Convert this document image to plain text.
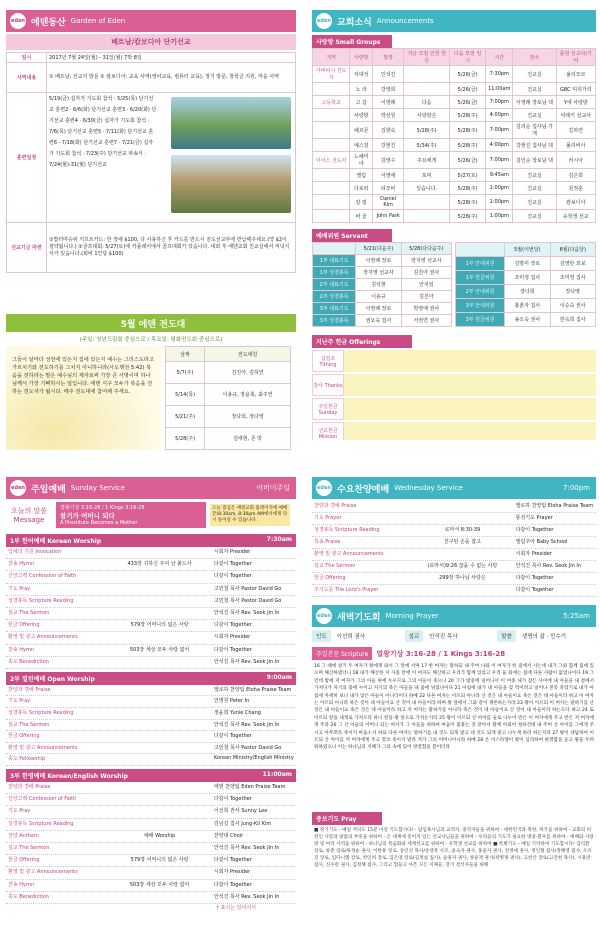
eden 에덴동산 Garden of Eden
베트남/캄보디아 단기선교
일시	2017년 7월 24일(월) - 31일(월) 7박 8일
사역내용	① 베트남: 선교지 방문 ② 캄보디아: 교육 사역(영어교육, 컴퓨터 교육), 정기 방문, 창학금 지원, 마을 사역
훈련일정	5/19(금) 십자가 기도회 참석 · 5/25(목) 단기선교 훈련2 · 6/6(화) 단기선교 훈련3 · 6/20(화) 단기선교 훈련4 · 6/30(금) 십자가 기도회 참석 · 7/6(목) 단기선교 훈련5 · 7/11(화) 단기선교 훈련6 · 7/18(화) 단기선교 훈련7 · 7/21(금) 십자가 기도회 참석 · 7/23(주) 단기선교 파송식 · 7/24(월)-31(월) 단기선교

선교기금 마련	①밥터마슈위 키프트카드: 한 장에 $100, 다 사용하신 후 카드를 반드시 전도선교부에 반납해주세요.(약 $2이 절약됩니다.) ②골프대회: 5/27(토)에 카플레이에서 골프대회가 있습니다. 대회 후 에덴교회 친교실에서 저녁식사가 있습니다.(회비 1인당 $100)
5월 에덴 전도대
(주일: 청년드림회 중심으로 / 목요일: 평화전도회 중심으로)
그들이 날마다 성전에 있든지 집에 있든지 예수는 그리스도라고 가르치기와 전도하기를 그치지 아니하니라(사도행전 5:42) 복음을 전하라는 말은 예수님의 제자로써 가장 큰 사명이며 하나님께서 가장 기뻐하시는 일입니다. 에덴 식구 모두가 복음을 전하는 전도자가 됩시다. 매주 전도대에 참여해 주세요.
날짜	전도대원
5/7(주)	김진아, 김하연
5/14(목)	이용규, 장윤희, 최주연
5/21(주)	장다희, 장다영
5/28(주)	김태현, 존 박
eden 교회소식 Announcements
사랑방 Small Groups
지역	사랑방	방장	지난 모임 인원 헌금	다음 모임 일시	시간	장소	출원 선교사/기여
아비비시 전도자	리대성	인석진		5/26(금)	7:30pm	진교실	올리모르
	노 라	강영희		5/26(금)	11:00am	진교실	GBC 미리가리
고등학교	고 갑	이영례	다음	5/26(금)	7:00pm	이영래 장로님 댁	Y에 사랑방
	사랑방	박상원	사랑방은	5/28(주)	4:00pm	진교실	미래키 선교사
	헤르몬	김향숙	5/28(주)	5/28(주)	7:00pm	김의순 집사님 가게	길하연
	예스검	강현진	5/34(주)	5/28(주)	4:00pm	강현진 집사님 댁	폴리비아
이어스 전도사	느헤미야	김영수	주요에게	5/26(금)	7:00pm	김인순 장로님 댁	러시아
	엘림	이영애	포비	5/27(토)	9:45am	진교실	김은희
	다로락	티모비	있습니다.	5/28(주)	1:00pm	진교실	원정훈
	갈 릴	Daniel Kim		5/28(주)	1:00pm	진교실	캄보디아
	바 울	John Park		5/28(주)	1:00pm	진교실	유학생 선교
예배위원 Servant
	5/21(다음주)	5/28(다다음주)
1부 대표기도	이영례 장로	장지영 선교사
1부 성경봉독	장지영 선교사	김진아 권사
2부 대표기도	김석현	안치임
2부 성경봉독	이용규	김진아
3부 대표기도	이영례 장로	박영예 권사
3부 성경봉독	권오숙 집사	서권연 권사
	5월(이번달)	6월(다음달)
1부 안내위원	김방미 장로	김영란 외보
1부 헌금위원	조미정 집사	조미정 집사
2부 안내위원	장다희	장다영
3부 안내위원	홍춘자 집사	이승숙 권사
3부 헌금위원	송오숙 권사	한옥희 집사
지난주 헌금 Offerings
십일조 Tithing
감사 Thanks
주일헌금 Sunday
선교헌금 Mission
eden 주일예배 Sunday Service	어버이주일
오늘의 말씀 Message
열왕기상 3:16-28 / 1 Kings 3:16-28
참기가 어머니 되다
A Prostitute Becomes a Mother
오늘 점심은 에덴교회 홈레이지에 예배 끝(8:30am, 8:30pm AM에서에게 다시 돌이실 수 있습니다.
1부 한어예배 Korean Worship	7:30am
입례의 기원 Invocation	시회자 Presider
찬송 Hymn	433장 귀하신 주여 날 붙드사	다같이 Together
신앙고백 Confession of Faith	다같이 Together
기도 Pray	고민철 목사 Pastor David Go
성경봉독 Scripture Reading	고민철 목사 Pastor David Go
설교 The Sermon	안석진 목사 Rev. Seok Jin In
헌금 Offering	579장 어머니의 넓은 사랑	다같이 Together
환영 및 광고 Announcements	시회자 Presider
찬송 Hymn	503장 세상 모두 사랑 없어	다같이 Together
축도 Benediction	안석진 목사 Rev. Seok Jin In
2부 열린예배 Open Worship	9:00am
찬양과 경배 Praise	엘로하 찬양팀 Eloha Praise Team
기도 Pray	인명원 Peter In
성경봉독 Scripture Reading	정윤희 Yunie Chang
설교 The Sermon	안석진 목사 Rev. Seok Jin In
헌금 Offering	다같이 Together
환영 및 광고 Announcements	고민철 목사 Pastor David Go
축도 Fellowship	Korean Ministry/English Ministry
3부 한영예배 Korean/English Worship	11:00am
찬양과 경배 Praise	에덴 찬양팀 Eden Praise Team
신앙고백 Confession of Faith	다같이 Together
기도 Pray	이선희 권사 Sunny Lee
성경봉독 Scripture Reading	김남길 집사 Jung-Kil Kim
찬양 Anthem	예배 Worship	찬양대 Choir
설교 The Sermon	안석진 목사 Rev. Seok Jin In
헌금 Offering	579장 어머니의 넓은 사랑	다같이 Together
환영 및 광고 Announcements	시회자 Presider
찬송 Hymn	503장 세상 모두 사랑 없어	다같이 Together
축도 Benediction	안석진 목사 Rev. Seok Jin In
† 표시는 일어서서
eden 수요찬양예배 Wednesday Service	7:00pm
찬양과 경배 Praise	엘로하 찬양팀 Eloha Praise Team
기도 Prayer	통성기도 Prayer
성경봉독 Scripture Reading	로마서 8:30-39	다같이 Together
특송 Praise	친구된 손을 잡고	엘림주아 Baby School
환영 및 광고 Announcements	시회자 Presider
설교 The Sermon	(로마서)9:26 끊을 수 없는 사랑	안석진 목사 Rev. Seok Jin In
헌금 Offering	299장 하나님 사랑은	다같이 Together
주기도문 The Lord's Prayer	다같이 Together
eden 새벽기도회 Morning Prayer	5:25am
인도	이선희 권사	설교	안석진 목사	말씀	생명의 삶 · 민수기
주일본문 Scripture	열왕기상 3:16-28 / 1 Kings 3:16-28
16 그 때에 창기 두 여자가 왕에게 와서 그 앞에 서며 17 한 여자는 말하되 내 주여 나와 이 여자가 한 집에서 사는데 내가 그와 함께 집에 있으며 해산하였더니 18 내가 해산한 지 사흘 만에 이 여자도 해산하고 우리가 함께 있었고 우리 둘 외에는 집에 다른 사람이 없었나이다 19 그런데 밤에 저 여자가 그의 아들 위에 누우므로 그의 아들이 죽으니 20 그가 밤중에 일어나서 이 여종 내가 잠든 사이에 내 아들을 내 곁에서 가져다가 자기의 품에 누이고 자기의 죽은 아들을 내 품에 뉘었나이다 21 아침에 내가 내 아들을 젖 먹이려고 일어나 본즉 죽었기로 내가 아침에 자세히 보니 내가 낳은 아들이 아니더이다 하매 22 다른 여자는 이르되 아니라 산 것은 내 아들이요 죽은 것은 네 아들이라 하고 이 여자는 이르되 아니라 죽은 것이 네 아들이요 산 것이 내 아들이라 하며 왕 앞에서 그와 같이 쟁론하는지라 23 왕이 이르되 이 여자는 말하기를 산 것은 내 아들이요 죽은 것은 네 아들이라 하고 저 여자는 말하기를 아니라 죽은 것이 네 아들이요 산 것이 내 아들이라 하는도다 하고 24 또 이르되 칼을 내게로 가져오라 하니 칼을 왕 앞으로 가져온지라 25 왕이 이르되 산 아이를 둘로 나누어 반은 이 여자에게 주고 반은 저 여자에게 주라 26 그 산 아들의 어머니 되는 여자가 그 아들을 위하여 마음이 불붙는 것 같아서 왕께 아뢰어 청하건대 내 주여 산 아이를 그에게 주시고 아무쪼록 죽이지 마옵소서 하되 다른 여자는 말하기를 내 것도 되게 말고 네 것도 되게 말고 나누게 하라 하는지라 27 왕이 대답하여 이르되 산 아이를 저 여자에게 주고 결코 죽이지 말라 저가 그의 어머니이니라 하매 28 온 이스라엘이 왕이 심리하여 판결함을 듣고 왕을 두려워하였으니 이는 하나님의 지혜가 그의 속에 있어 판결함을 봄이더라
중보기도 Pray
■ 정기기도 - 매일 저녁도 15분 이상 기도합시다! - 담임목사님과 교역자, 중직자들을 위하여 - 대한민국과 북한, 미국을 위하여 - 교회의 비전인 사랑과 말씀의 부흥을 위하여 - 온 세계에 흩어져 있는 선교사님들을 위하여 - 우리들의 기도가 필요한 병중·환우를 위하여 - 예배와 사랑방 및 여러 사역을 위하여 - 하나님의 복음화와 세계선교를 위하여 - 유학생 선교를 위하여 ■ 특별기도 - 매일 기억하여 기도합시다! 김덕환 장로, 류춘 장로/류정순 권사, 이한용 장로, 송인선 목사/송영옥 사모, 윤숙자 권사, 홍윤자 권사, 전정애 권사, 정인철 집사/정혜영 집사, 오유진 장로, 임다니엘 장로, 박인희 장로, 김은영 장로(김정실 집사), 윤용자 권사, 양윤재 권사(곽병재 권사), 고찬산 장로(고진현 목사), 시용란 집사, 신수란 권사, 김정혜 집사, 그리고 힘들고 아픈 모든 지체들, 장기 결석자들을 위해
